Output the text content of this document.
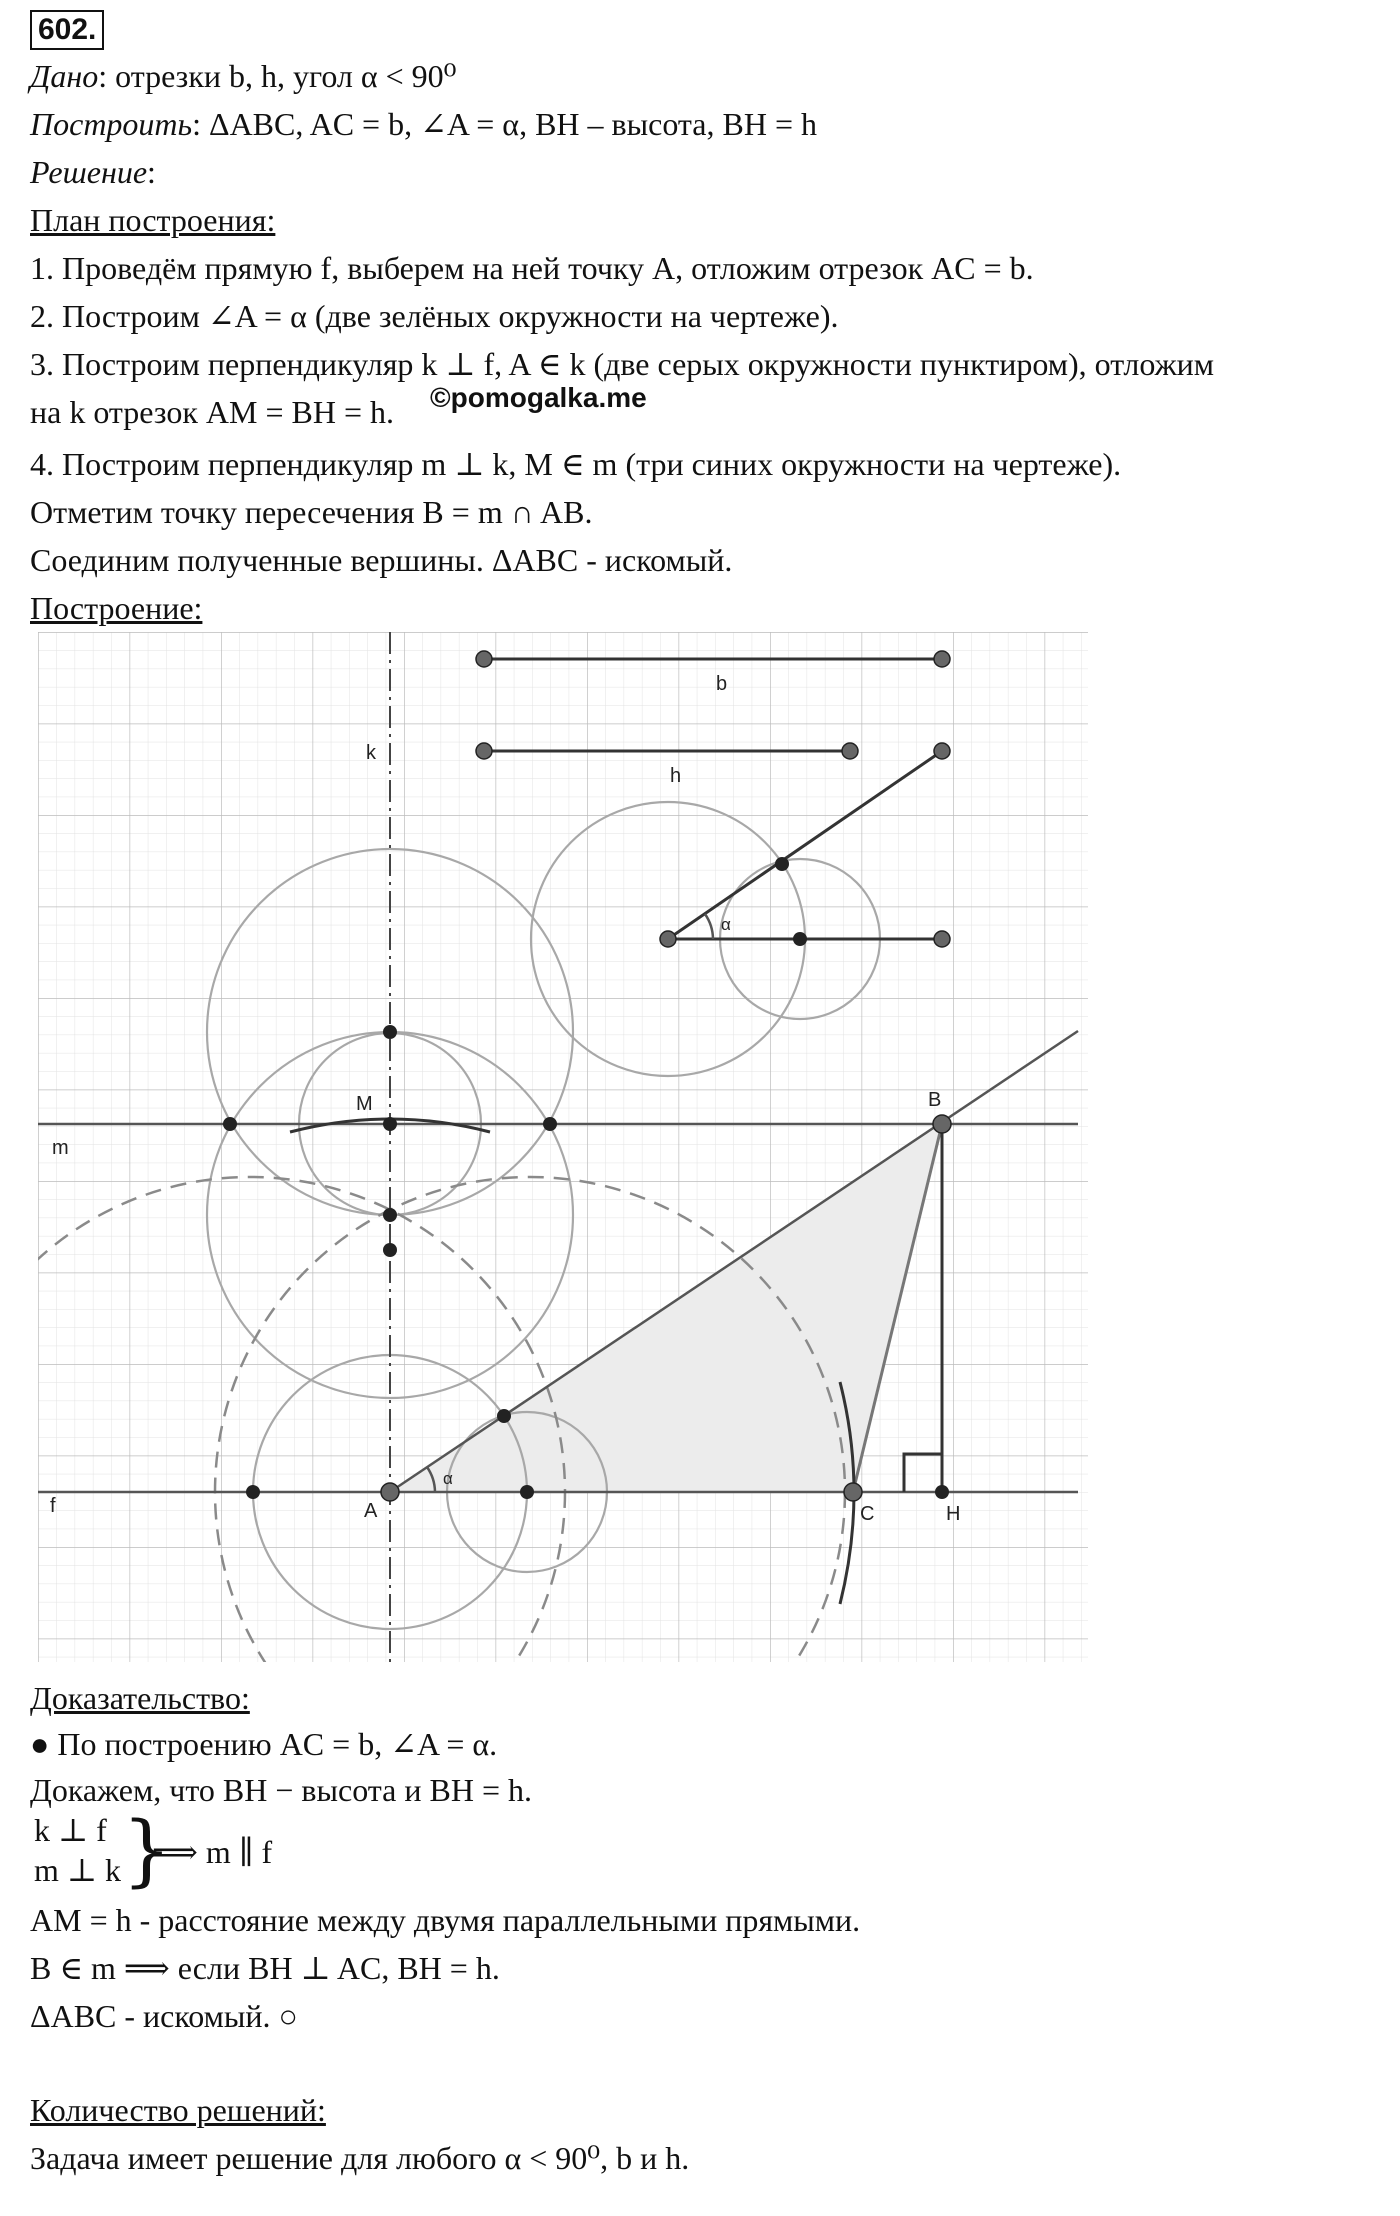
602.
Дано: отрезки b, h, угол α < 90⁰
Построить: ΔABC, AC = b, ∠A = α, BH – высота, BH = h
Решение:
План построения:
1. Проведём прямую f, выберем на ней точку A, отложим отрезок AC = b.
2. Построим ∠A = α (две зелёных окружности на чертеже).
3. Построим перпендикуляр k ⊥ f, A ∈ k (две серых окружности пунктиром), отложим
на k отрезок AM = BH = h. ©pomogalka.me
4. Построим перпендикуляр m ⊥ k, M ∈ m (три синих окружности на чертеже).
Отметим точку пересечения B = m ∩ AB.
Соединим полученные вершины. ΔABC - искомый.
Построение:
b
h
k
m
f
M
A
B
C	H
α
α
Доказательство:
● По построению AC = b, ∠A = α.
Докажем, что BH − высота и BH = h.
k ⊥ f
m ⊥ k }
⟹ m ∥ f
AM = h - расстояние между двумя параллельными прямыми.
B ∈ m ⟹ если BH ⊥ AC, BH = h.
ΔABC - искомый. ○
Количество решений:
Задача имеет решение для любого α < 90⁰, b и h.
